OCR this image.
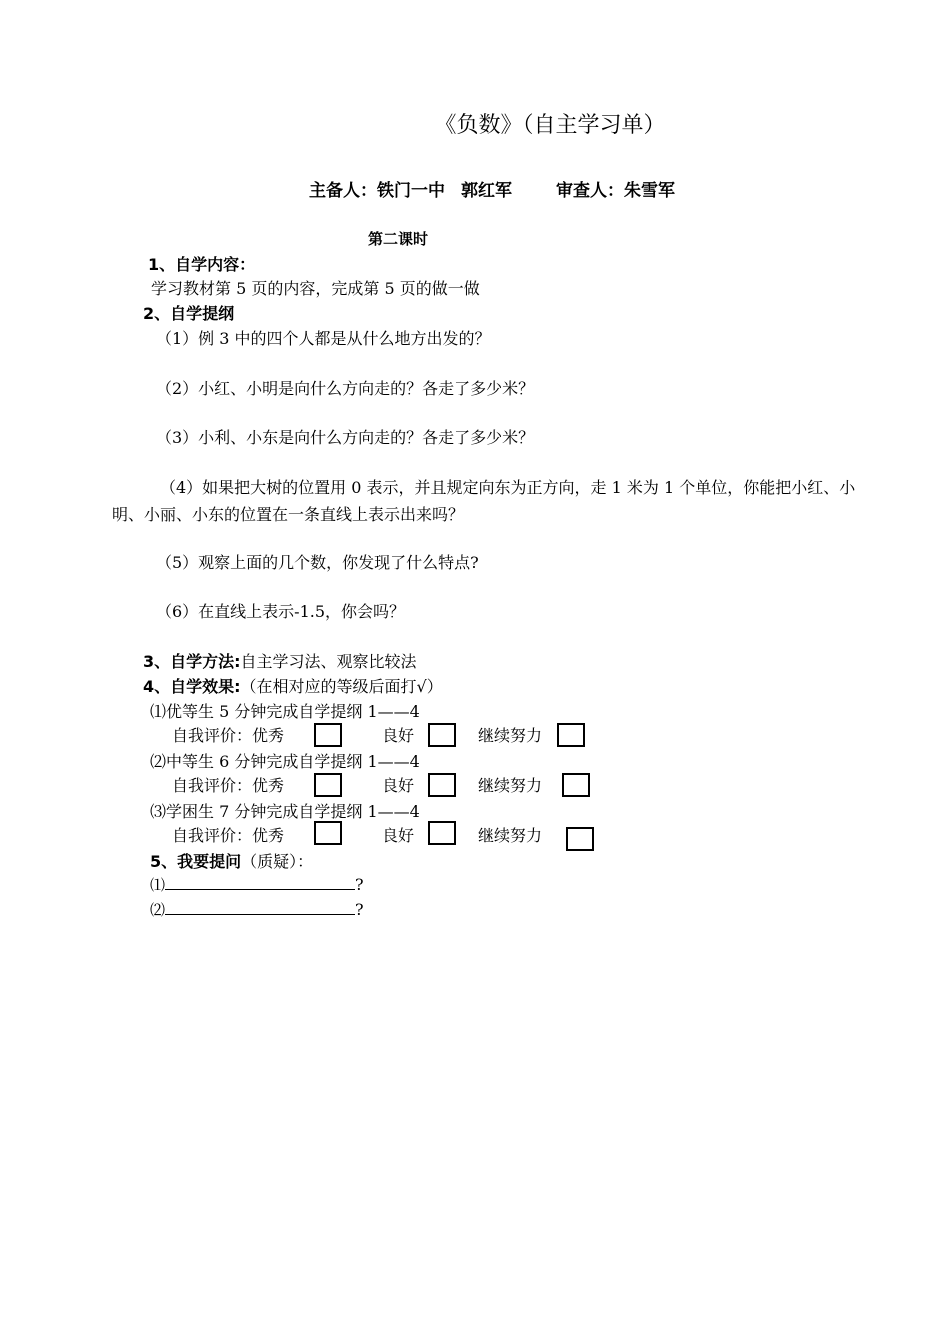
《负数》（自主学习单）
主备人：铁门一中 郭红军	审查人：朱雪军
第二课时
1、自学内容：
学习教材第 5 页的内容，完成第 5 页的做一做
2、自学提纲
（1）例 3 中的四个人都是从什么地方出发的？
（2）小红、小明是向什么方向走的？各走了多少米？
（3）小利、小东是向什么方向走的？各走了多少米？
（4）如果把大树的位置用 0 表示，并且规定向东为正方向，走 1 米为 1 个单位，你能把小红、小明、小丽、小东的位置在一条直线上表示出来吗？
（5）观察上面的几个数，你发现了什么特点?
（6）在直线上表示-1.5，你会吗？
3、自学方法:自主学习法、观察比较法
4、自学效果:（在相对应的等级后面打√）
⑴优等生 5 分钟完成自学提纲 1——4
自我评价：优秀	良好	继续努力
⑵中等生 6 分钟完成自学提纲 1——4
自我评价：优秀	良好	继续努力
⑶学困生 7 分钟完成自学提纲 1——4
自我评价：优秀	良好	继续努力
5、我要提问（质疑）：
⑴	?
⑵	?
